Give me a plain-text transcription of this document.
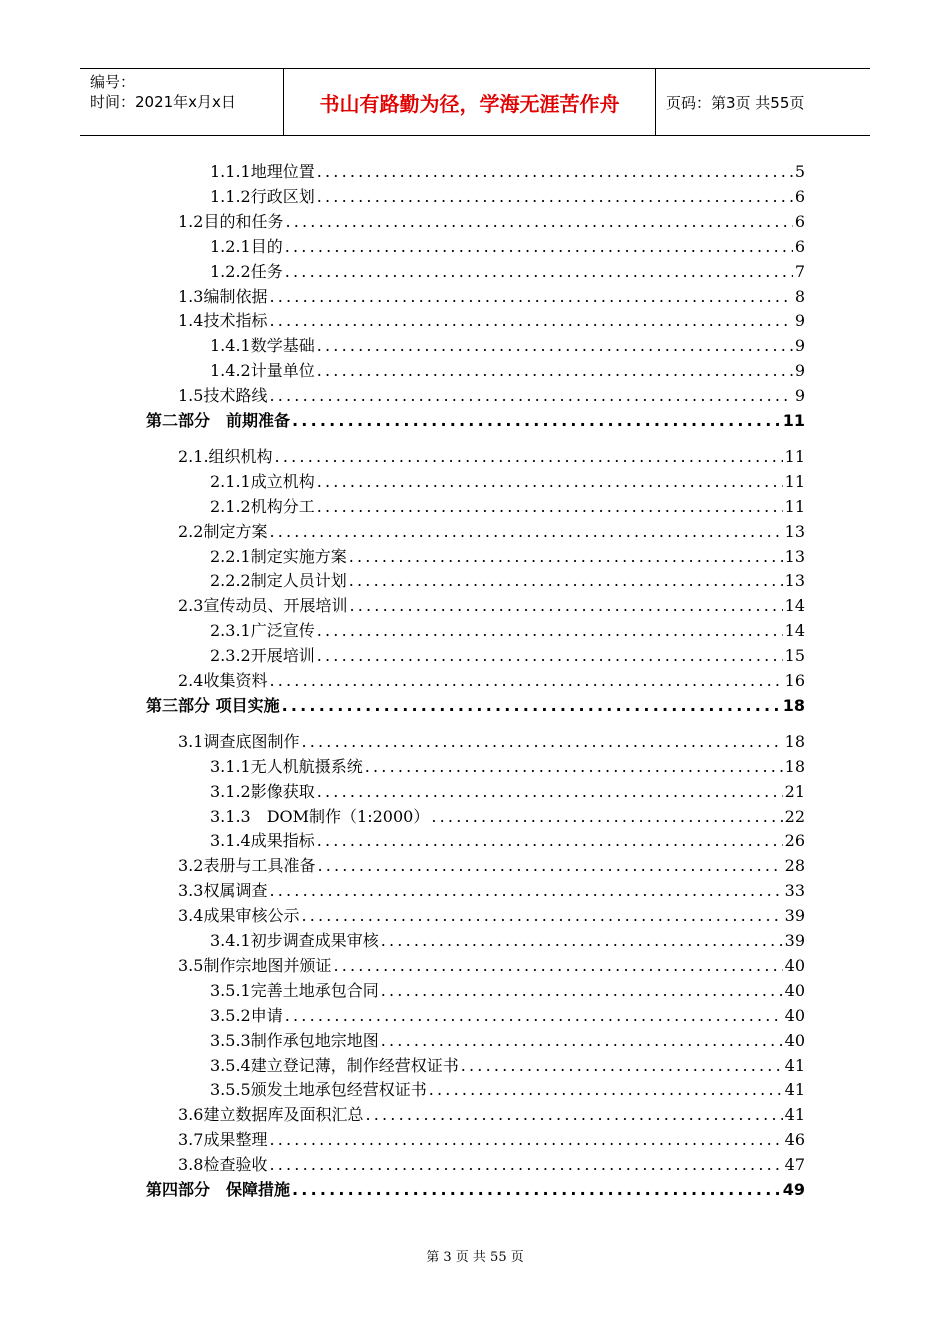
编号：
时间：2021年x月x日	书山有路勤为径，学海无涯苦作舟	页码：第3页 共55页
1.1.1地理位置 .....	5
1.1.2行政区划 .....	6
1.2目的和任务 .....	6
1.2.1目的 .....	6
1.2.2任务 .....	7
1.3编制依据 .....	8
1.4技术指标 .....	9
1.4.1数学基础 .....	9
1.4.2计量单位 .....	9
1.5技术路线 .....	9
第二部分　前期准备 .....	11
2.1.组织机构 .....	11
2.1.1成立机构 .....	11
2.1.2机构分工 .....	11
2.2制定方案 .....	13
2.2.1制定实施方案 .....	13
2.2.2制定人员计划 .....	13
2.3宣传动员、开展培训 .....	14
2.3.1广泛宣传 .....	14
2.3.2开展培训 .....	15
2.4收集资料 .....	16
第三部分 项目实施 .....	18
3.1调查底图制作 .....	18
3.1.1无人机航摄系统 .....	18
3.1.2影像获取 .....	21
3.1.3　DOM制作（1:2000） .....	22
3.1.4成果指标 .....	26
3.2表册与工具准备 .....	28
3.3权属调查 .....	33
3.4成果审核公示 .....	39
3.4.1初步调查成果审核 .....	39
3.5制作宗地图并颁证 .....	40
3.5.1完善土地承包合同 .....	40
3.5.2申请 .....	40
3.5.3制作承包地宗地图 .....	40
3.5.4建立登记薄，制作经营权证书 .....	41
3.5.5颁发土地承包经营权证书 .....	41
3.6建立数据库及面积汇总 .....	41
3.7成果整理 .....	46
3.8检查验收 .....	47
第四部分　保障措施 .....	49
第 3 页 共 55 页
